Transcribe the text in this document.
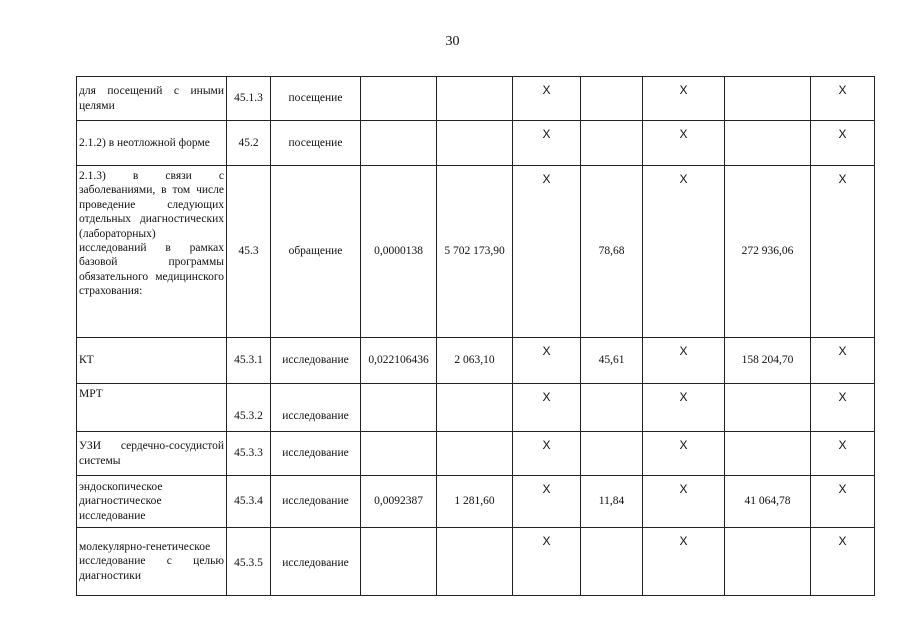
30
для посещений с иными целями	45.1.3	посещение			X		X		X
2.1.2) в неотложной форме	45.2	посещение			X		X		X
2.1.3) в связи с заболеваниями, в том числе проведение следующих отдельных диагностических (лабораторных) исследований в рамках базовой программы обязательного медицинского страхования:	45.3	обращение	0,0000138	5 702 173,90	X	78,68	X	272 936,06	X
КТ	45.3.1	исследование	0,022106436	2 063,10	X	45,61	X	158 204,70	X
МРТ	45.3.2	исследование			X		X		X
УЗИ сердечно-сосудистой системы	45.3.3	исследование			X		X		X
эндоскопическое диагностическое исследование	45.3.4	исследование	0,0092387	1 281,60	X	11,84	X	41 064,78	X
молекулярно-генетическое исследование с целью диагностики	45.3.5	исследование			X		X		X
